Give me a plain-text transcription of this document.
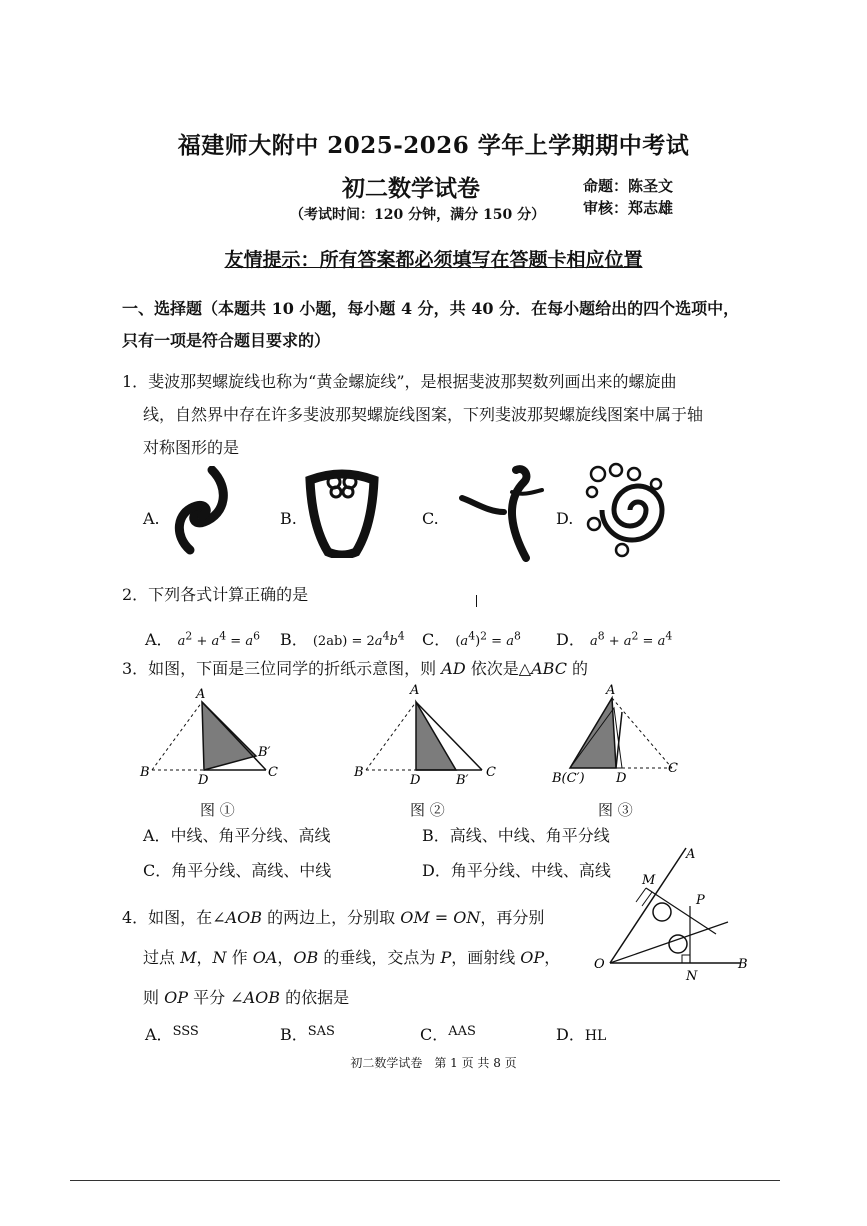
福建师大附中 2025-2026 学年上学期期中考试
初二数学试卷	命题：陈圣文
审核：郑志雄
（考试时间：120 分钟，满分 150 分）
友情提示：所有答案都必须填写在答题卡相应位置
一、选择题（本题共 10 小题，每小题 4 分，共 40 分．在每小题给出的四个选项中，
只有一项是符合题目要求的）
1．斐波那契螺旋线也称为“黄金螺旋线”，是根据斐波那契数列画出来的螺旋曲
线，自然界中存在许多斐波那契螺旋线图案，下列斐波那契螺旋线图案中属于轴
对称图形的是
A.	B.	C.	D.
2．下列各式计算正确的是
A． $a^2 + a^4 = a^6$ B． $(2ab) = 2a^4b^4$ C． $(a^4)^2 = a^8$ D． $a^8 + a^2 = a^4$
3．如图，下面是三位同学的折纸示意图，则 AD 依次是△ABC 的
A
B
D
C
B′
图 ①
A
B
D	B′
C
图 ②
A
B(C′) D
C
图 ③
A．中线、角平分线、高线	B．高线、中线、角平分线
C．角平分线、高线、中线	D．角平分线、中线、高线
4．如图，在∠AOB 的两边上，分别取 OM = ON，再分别
过点 M，N 作 OA，OB 的垂线，交点为 P，画射线 OP，
则 OP 平分 ∠AOB 的依据是
A
M
P
O
N
B
A．$^{SSS}$	B．$^{SAS}$	C．$^{AAS}$	D．HL
初二数学试卷　第 1 页 共 8 页
